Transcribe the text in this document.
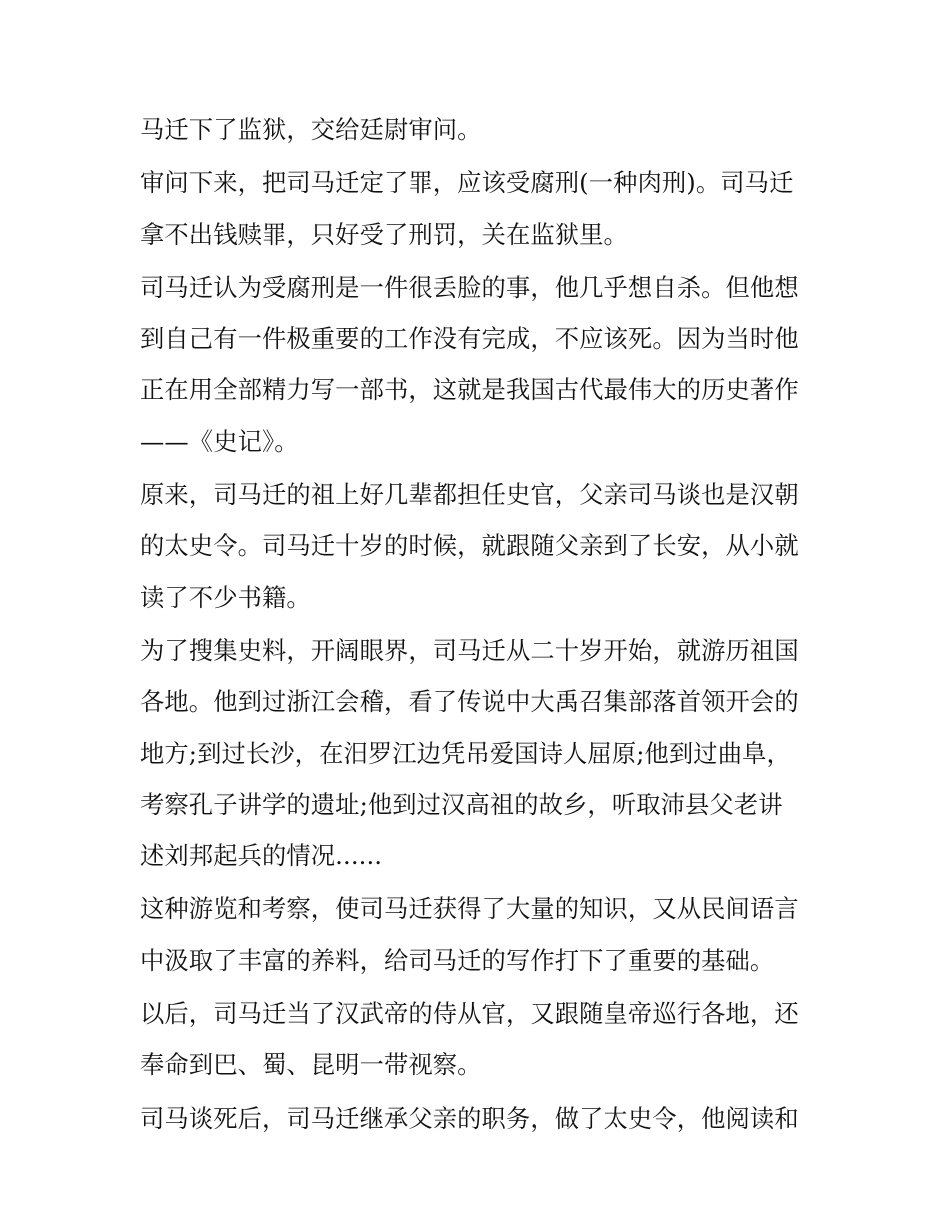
马迁下了监狱，交给廷尉审问。
审问下来，把司马迁定了罪，应该受腐刑(一种肉刑)。司马迁
拿不出钱赎罪，只好受了刑罚，关在监狱里。
司马迁认为受腐刑是一件很丢脸的事，他几乎想自杀。但他想
到自己有一件极重要的工作没有完成，不应该死。因为当时他
正在用全部精力写一部书，这就是我国古代最伟大的历史著作
——《史记》。
原来，司马迁的祖上好几辈都担任史官，父亲司马谈也是汉朝
的太史令。司马迁十岁的时候，就跟随父亲到了长安，从小就
读了不少书籍。
为了搜集史料，开阔眼界，司马迁从二十岁开始，就游历祖国
各地。他到过浙江会稽，看了传说中大禹召集部落首领开会的
地方;到过长沙，在汨罗江边凭吊爱国诗人屈原;他到过曲阜，
考察孔子讲学的遗址;他到过汉高祖的故乡，听取沛县父老讲
述刘邦起兵的情况......
这种游览和考察，使司马迁获得了大量的知识，又从民间语言
中汲取了丰富的养料，给司马迁的写作打下了重要的基础。
以后，司马迁当了汉武帝的侍从官，又跟随皇帝巡行各地，还
奉命到巴、蜀、昆明一带视察。
司马谈死后，司马迁继承父亲的职务，做了太史令，他阅读和
